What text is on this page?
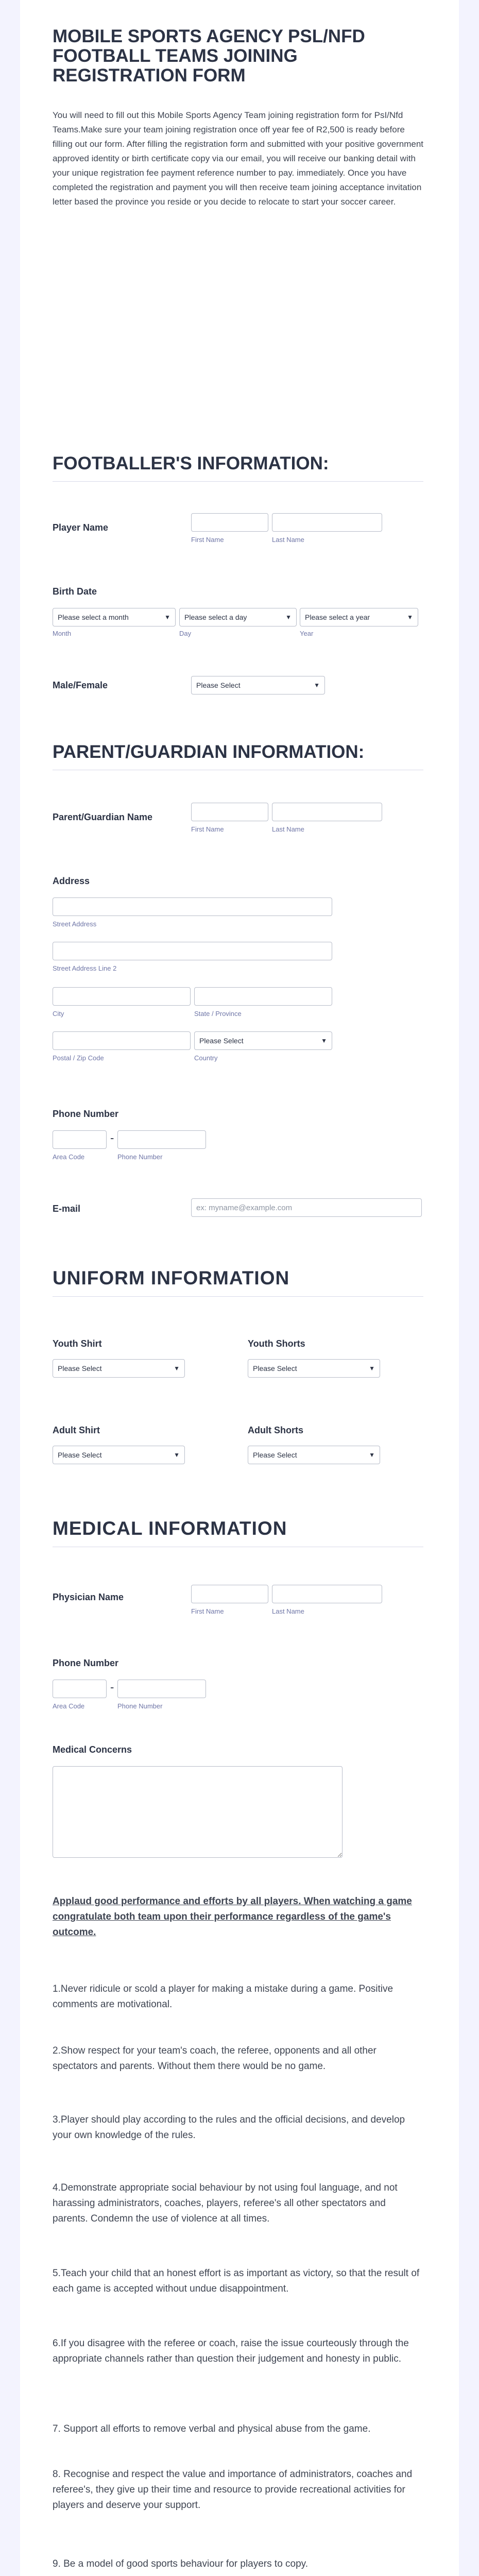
MOBILE SPORTS AGENCY PSL/NFD FOOTBALL TEAMS JOINING REGISTRATION FORM
You will need to fill out this Mobile Sports Agency Team joining registration form for PsI/Nfd Teams.Make sure your team joining registration once off year fee of R2,500 is ready before filling out our form. After filling the registration form and submitted with your positive government approved identity or birth certificate copy via our email, you will receive our banking detail with your unique registration fee payment reference number to pay. immediately. Once you have completed the registration and payment you will then receive team joining acceptance invitation letter based the province you reside or you decide to relocate to start your soccer career.
FOOTBALLER'S INFORMATION:
Player Name
First Name	Last Name
Birth Date
Please select a month	▼	Please select a day	▼	Please select a year	▼
Month	Day	Year
Male/Female	Please Select	▼
PARENT/GUARDIAN INFORMATION:
Parent/Guardian Name
First Name	Last Name
Address
Street Address
Street Address Line 2
City	State / Province
Please Select	▼
Postal / Zip Code	Country
Phone Number
-
Area Code	Phone Number
E-mail
ex: myname@example.com
UNIFORM INFORMATION
Youth Shirt
Please Select	▼
Youth Shorts
Please Select	▼
Adult Shirt
Please Select	▼
Adult Shorts
Please Select	▼
MEDICAL INFORMATION
Physician Name
First Name	Last Name
Phone Number
-
Area Code	Phone Number
Medical Concerns
Applaud good performance and efforts by all players. When watching a game congratulate both team upon their performance regardless of the game's outcome.
1.Never ridicule or scold a player for making a mistake during a game. Positive comments are motivational.
2.Show respect for your team's coach, the referee, opponents and all other spectators and parents. Without them there would be no game.
3.Player should play according to the rules and the official decisions, and develop your own knowledge of the rules.
4.Demonstrate appropriate social behaviour by not using foul language, and not harassing administrators, coaches, players, referee's all other spectators and parents. Condemn the use of violence at all times.
5.Teach your child that an honest effort is as important as victory, so that the result of each game is accepted without undue disappointment.
6.If you disagree with the referee or coach, raise the issue courteously through the appropriate channels rather than question their judgement and honesty in public.
7. Support all efforts to remove verbal and physical abuse from the game.
8. Recognise and respect the value and importance of administrators, coaches and referee's, they give up their time and resource to provide recreational activities for players and deserve your support.
9. Be a model of good sports behaviour for players to copy.
